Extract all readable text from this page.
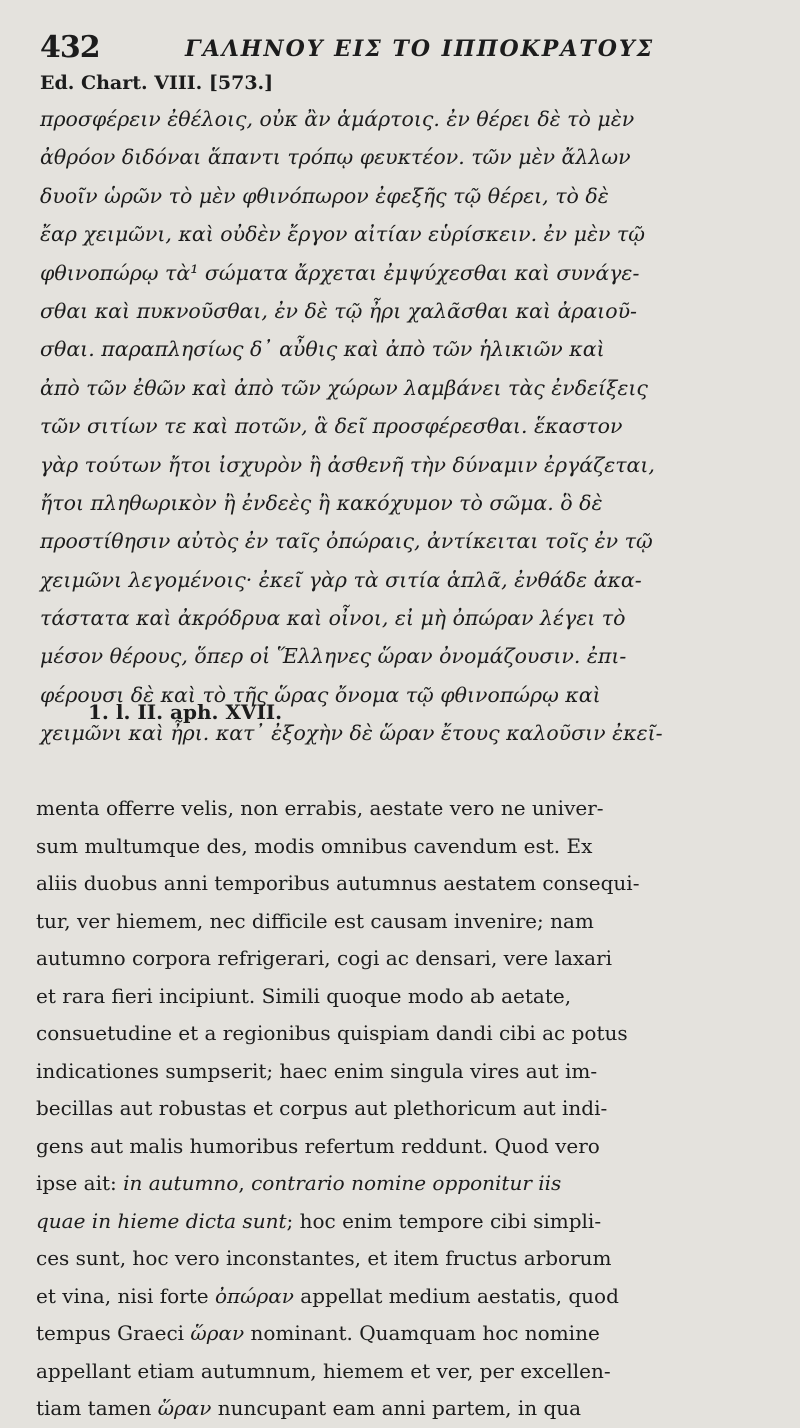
432	ΓΑΛΗΝΟΥ ΕΙΣ ΤΟ ΙΠΠΟΚΡΑΤΟΥΣ
Ed. Chart. VIII. [573.]
προσφέρειν ἐθέλοις, οὐκ ἂν ἁμάρτοις. ἐν θέρει δὲ τὸ μὲν
ἀθρόον διδόναι ἅπαντι τρόπῳ φευκτέον. τῶν μὲν ἄλλων
δυοῖν ὡρῶν τὸ μὲν φθινόπωρον ἐφεξῆς τῷ θέρει, τὸ δὲ
ἔαρ χειμῶνι, καὶ οὐδὲν ἔργον αἰτίαν εὑρίσκειν. ἐν μὲν τῷ
φθινοπώρῳ τὰ¹ σώματα ἄρχεται ἐμψύχεσθαι καὶ συνάγε-
σθαι καὶ πυκνοῦσθαι, ἐν δὲ τῷ ἦρι χαλᾶσθαι καὶ ἀραιοῦ-
σθαι. παραπλησίως δ᾽ αὖθις καὶ ἀπὸ τῶν ἡλικιῶν καὶ
ἀπὸ τῶν ἐθῶν καὶ ἀπὸ τῶν χώρων λαμβάνει τὰς ἐνδείξεις
τῶν σιτίων τε καὶ ποτῶν, ἃ δεῖ προσφέρεσθαι. ἕκαστον
γὰρ τούτων ἤτοι ἰσχυρὸν ἢ ἀσθενῆ τὴν δύναμιν ἐργάζεται,
ἤτοι πληθωρικὸν ἢ ἐνδεὲς ἢ κακόχυμον τὸ σῶμα. ὃ δὲ
προστίθησιν αὐτὸς ἐν ταῖς ὀπώραις, ἀντίκειται τοῖς ἐν τῷ
χειμῶνι λεγομένοις· ἐκεῖ γὰρ τὰ σιτία ἁπλᾶ, ἐνθάδε ἀκα-
τάστατα καὶ ἀκρόδρυα καὶ οἶνοι, εἰ μὴ ὀπώραν λέγει τὸ
μέσον θέρους, ὅπερ οἱ Ἕλληνες ὥραν ὀνομάζουσιν. ἐπι-
φέρουσι δὲ καὶ τὸ τῆς ὥρας ὄνομα τῷ φθινοπώρῳ καὶ
χειμῶνι καὶ ἦρι. κατ᾽ ἐξοχὴν δὲ ὥραν ἔτους καλοῦσιν ἐκεῖ-
1. l. II. aph. XVII.
menta offerre velis, non errabis, aestate vero ne univer-
sum multumque des, modis omnibus cavendum est. Ex
aliis duobus anni temporibus autumnus aestatem consequi-
tur, ver hiemem, nec difficile est causam invenire; nam
autumno corpora refrigerari, cogi ac densari, vere laxari
et rara fieri incipiunt. Simili quoque modo ab aetate,
consuetudine et a regionibus quispiam dandi cibi ac potus
indicationes sumpserit; haec enim singula vires aut im-
becillas aut robustas et corpus aut plethoricum aut indi-
gens aut malis humoribus refertum reddunt. Quod vero
ipse ait: in autumno, contrario nomine opponitur iis
quae in hieme dicta sunt; hoc enim tempore cibi simpli-
ces sunt, hoc vero inconstantes, et item fructus arborum
et vina, nisi forte ὀπώραν appellat medium aestatis, quod
tempus Graeci ὥραν nominant. Quamquam hoc nomine
appellant etiam autumnum, hiemem et ver, per excellen-
tiam tamen ὥραν nuncupant eam anni partem, in qua
